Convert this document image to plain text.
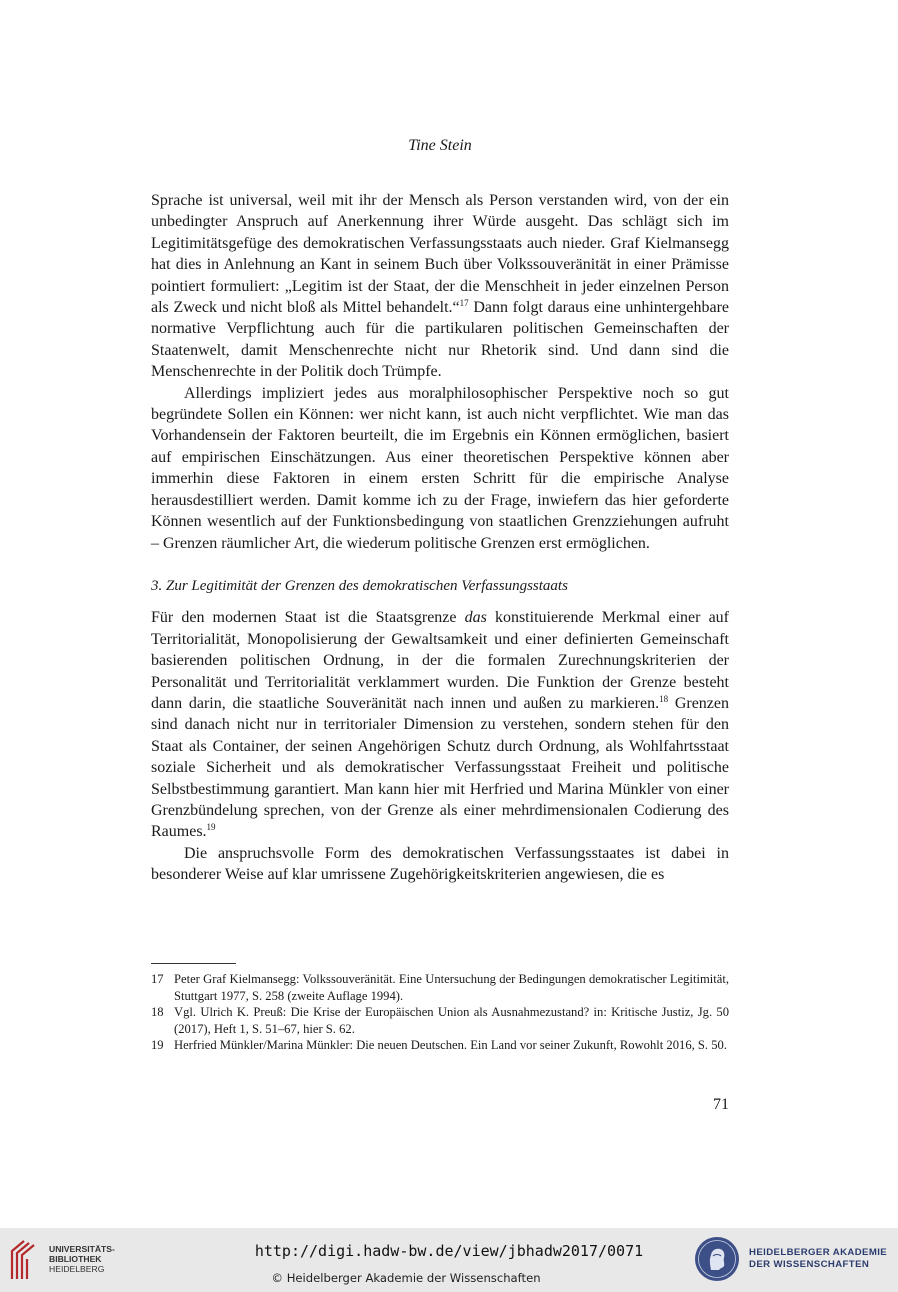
Tine Stein

Sprache ist universal, weil mit ihr der Mensch als Person verstanden wird, von der ein unbedingter Anspruch auf Anerkennung ihrer Würde ausgeht. Das schlägt sich im Legitimitätsgefüge des demokratischen Verfassungsstaats auch nieder. Graf Kielmansegg hat dies in Anlehnung an Kant in seinem Buch über Volkssouveränität in einer Prämisse pointiert formuliert: „Legitim ist der Staat, der die Menschheit in jeder einzelnen Person als Zweck und nicht bloß als Mittel behandelt.“$^{17}$ Dann folgt daraus eine unhintergehbare normative Verpflichtung auch für die partikularen politischen Gemeinschaften der Staatenwelt, damit Menschenrechte nicht nur Rhetorik sind. Und dann sind die Menschenrechte in der Politik doch Trümpfe.

Allerdings impliziert jedes aus moralphilosophischer Perspektive noch so gut begründete Sollen ein Können: wer nicht kann, ist auch nicht verpflichtet. Wie man das Vorhandensein der Faktoren beurteilt, die im Ergebnis ein Können ermöglichen, basiert auf empirischen Einschätzungen. Aus einer theoretischen Perspektive können aber immerhin diese Faktoren in einem ersten Schritt für die empirische Analyse herausdestilliert werden. Damit komme ich zu der Frage, inwiefern das hier geforderte Können wesentlich auf der Funktionsbedingung von staatlichen Grenzziehungen aufruht – Grenzen räumlicher Art, die wiederum politische Grenzen erst ermöglichen.

3. Zur Legitimität der Grenzen des demokratischen Verfassungsstaats

Für den modernen Staat ist die Staatsgrenze das konstituierende Merkmal einer auf Territorialität, Monopolisierung der Gewaltsamkeit und einer definierten Gemeinschaft basierenden politischen Ordnung, in der die formalen Zurechnungskriterien der Personalität und Territorialität verklammert wurden. Die Funktion der Grenze besteht dann darin, die staatliche Souveränität nach innen und außen zu markieren.$^{18}$ Grenzen sind danach nicht nur in territorialer Dimension zu verstehen, sondern stehen für den Staat als Container, der seinen Angehörigen Schutz durch Ordnung, als Wohlfahrtsstaat soziale Sicherheit und als demokratischer Verfassungsstaat Freiheit und politische Selbstbestimmung garantiert. Man kann hier mit Herfried und Marina Münkler von einer Grenzbündelung sprechen, von der Grenze als einer mehrdimensionalen Codierung des Raumes.$^{19}$

Die anspruchsvolle Form des demokratischen Verfassungsstaates ist dabei in besonderer Weise auf klar umrissene Zugehörigkeitskriterien angewiesen, die es

17 Peter Graf Kielmansegg: Volkssouveränität. Eine Untersuchung der Bedingungen demokratischer Legitimität, Stuttgart 1977, S. 258 (zweite Auflage 1994).
18 Vgl. Ulrich K. Preuß: Die Krise der Europäischen Union als Ausnahmezustand? in: Kritische Justiz, Jg. 50 (2017), Heft 1, S. 51–67, hier S. 62.
19 Herfried Münkler/Marina Münkler: Die neuen Deutschen. Ein Land vor seiner Zukunft, Rowohlt 2016, S. 50.
71
UNIVERSITÄTS-
BIBLIOTHEK
HEIDELBERG
http://digi.hadw-bw.de/view/jbhadw2017/0071
© Heidelberger Akademie der Wissenschaften
HEIDELBERGER AKADEMIE
DER WISSENSCHAFTEN
